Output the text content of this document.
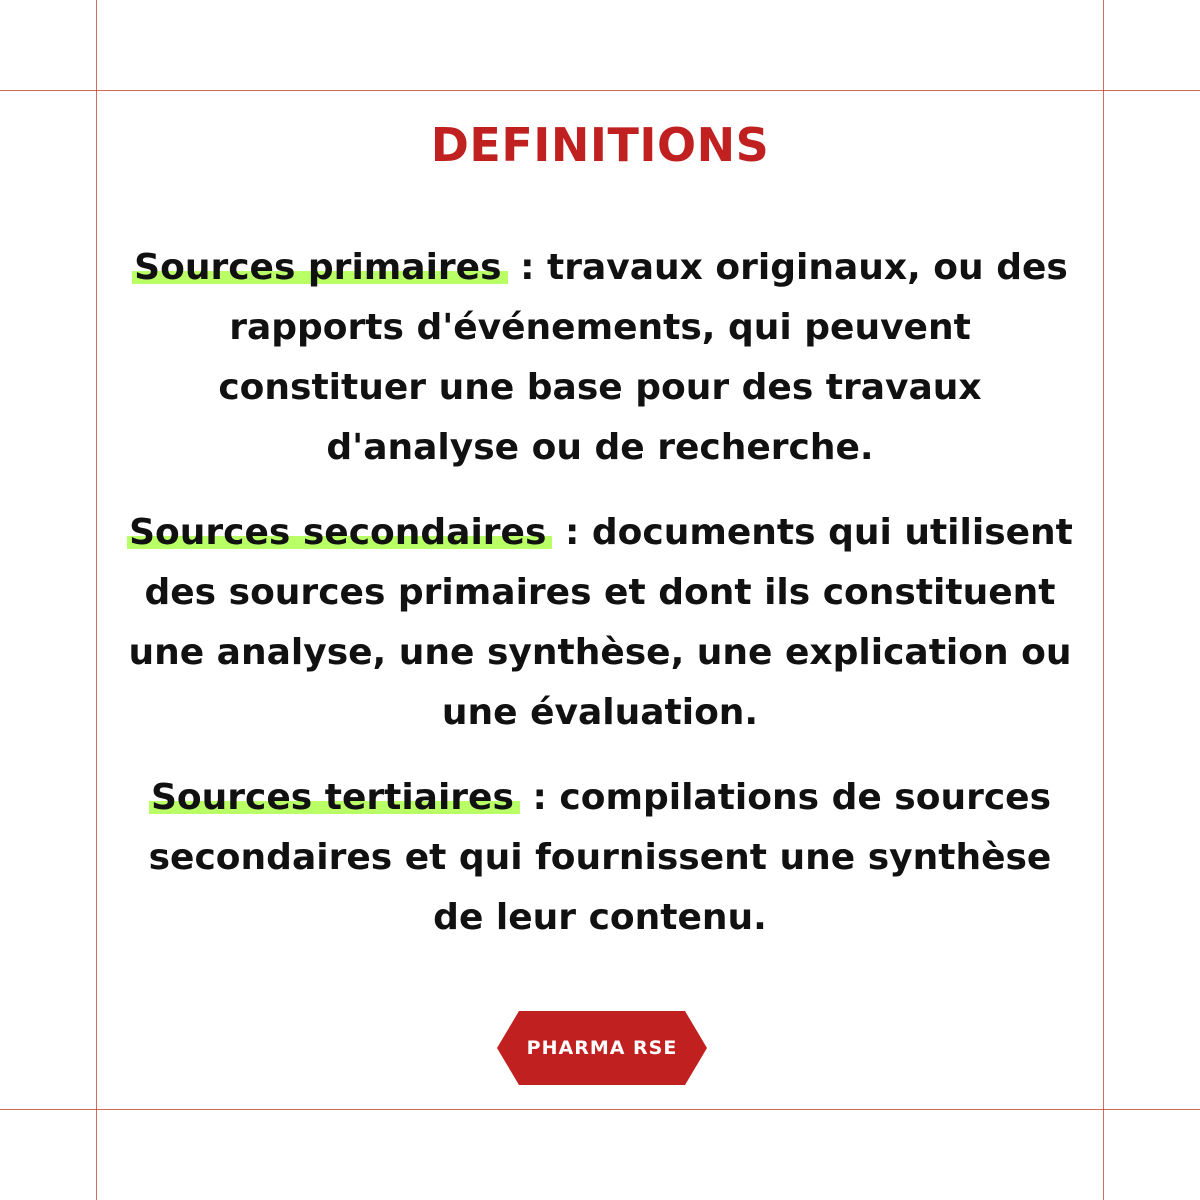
DEFINITIONS

Sources primaires : travaux originaux, ou des rapports d'événements, qui peuvent constituer une base pour des travaux d'analyse ou de recherche.

Sources secondaires : documents qui utilisent des sources primaires et dont ils constituent une analyse, une synthèse, une explication ou une évaluation.

Sources tertiaires : compilations de sources secondaires et qui fournissent une synthèse de leur contenu.

PHARMA RSE
